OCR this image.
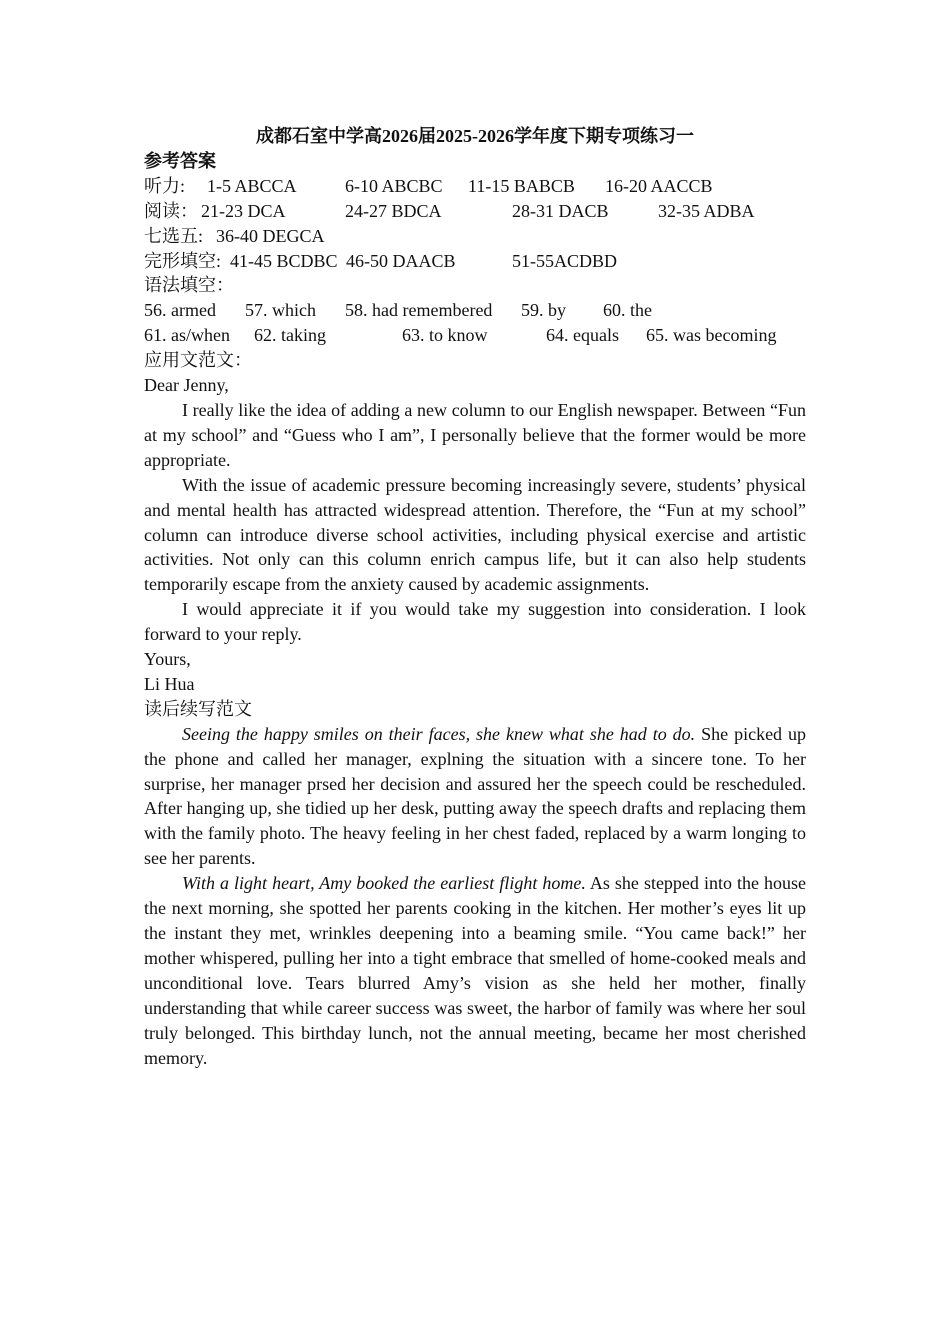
成都石室中学高2026届2025-2026学年度下期专项练习一
参考答案
听力:	1-5 ABCCA	6-10 ABCBC	11-15 BABCB	16-20 AACCB
阅读： 21-23 DCA	24-27 BDCA	28-31 DACB	32-35 ADBA
七选五: 36-40 DEGCA
完形填空: 41-45 BCDBC 46-50 DAACB	51-55ACDBD
语法填空：
56. armed	57. which	58. had remembered	59. by	60. the
61. as/when	62. taking	63. to know	64. equals	65. was becoming
应用文范文：
Dear Jenny,

I really like the idea of adding a new column to our English newspaper. Between “Fun at my school” and “Guess who I am”, I personally believe that the former would be more appropriate.

With the issue of academic pressure becoming increasingly severe, students’ physical and mental health has attracted widespread attention. Therefore, the “Fun at my school” column can introduce diverse school activities, including physical exercise and artistic activities. Not only can this column enrich campus life, but it can also help students temporarily escape from the anxiety caused by academic assignments.

I would appreciate it if you would take my suggestion into consideration. I look forward to your reply.

Yours,
Li Hua
读后续写范文

Seeing the happy smiles on their faces, she knew what she had to do. She picked up the phone and called her manager, explning the situation with a sincere tone. To her surprise, her manager prsed her decision and assured her the speech could be rescheduled. After hanging up, she tidied up her desk, putting away the speech drafts and replacing them with the family photo. The heavy feeling in her chest faded, replaced by a warm longing to see her parents.

With a light heart, Amy booked the earliest flight home. As she stepped into the house the next morning, she spotted her parents cooking in the kitchen. Her mother’s eyes lit up the instant they met, wrinkles deepening into a beaming smile. “You came back!” her mother whispered, pulling her into a tight embrace that smelled of home-cooked meals and unconditional love. Tears blurred Amy’s vision as she held her mother, finally understanding that while career success was sweet, the harbor of family was where her soul truly belonged. This birthday lunch, not the annual meeting, became her most cherished memory.
